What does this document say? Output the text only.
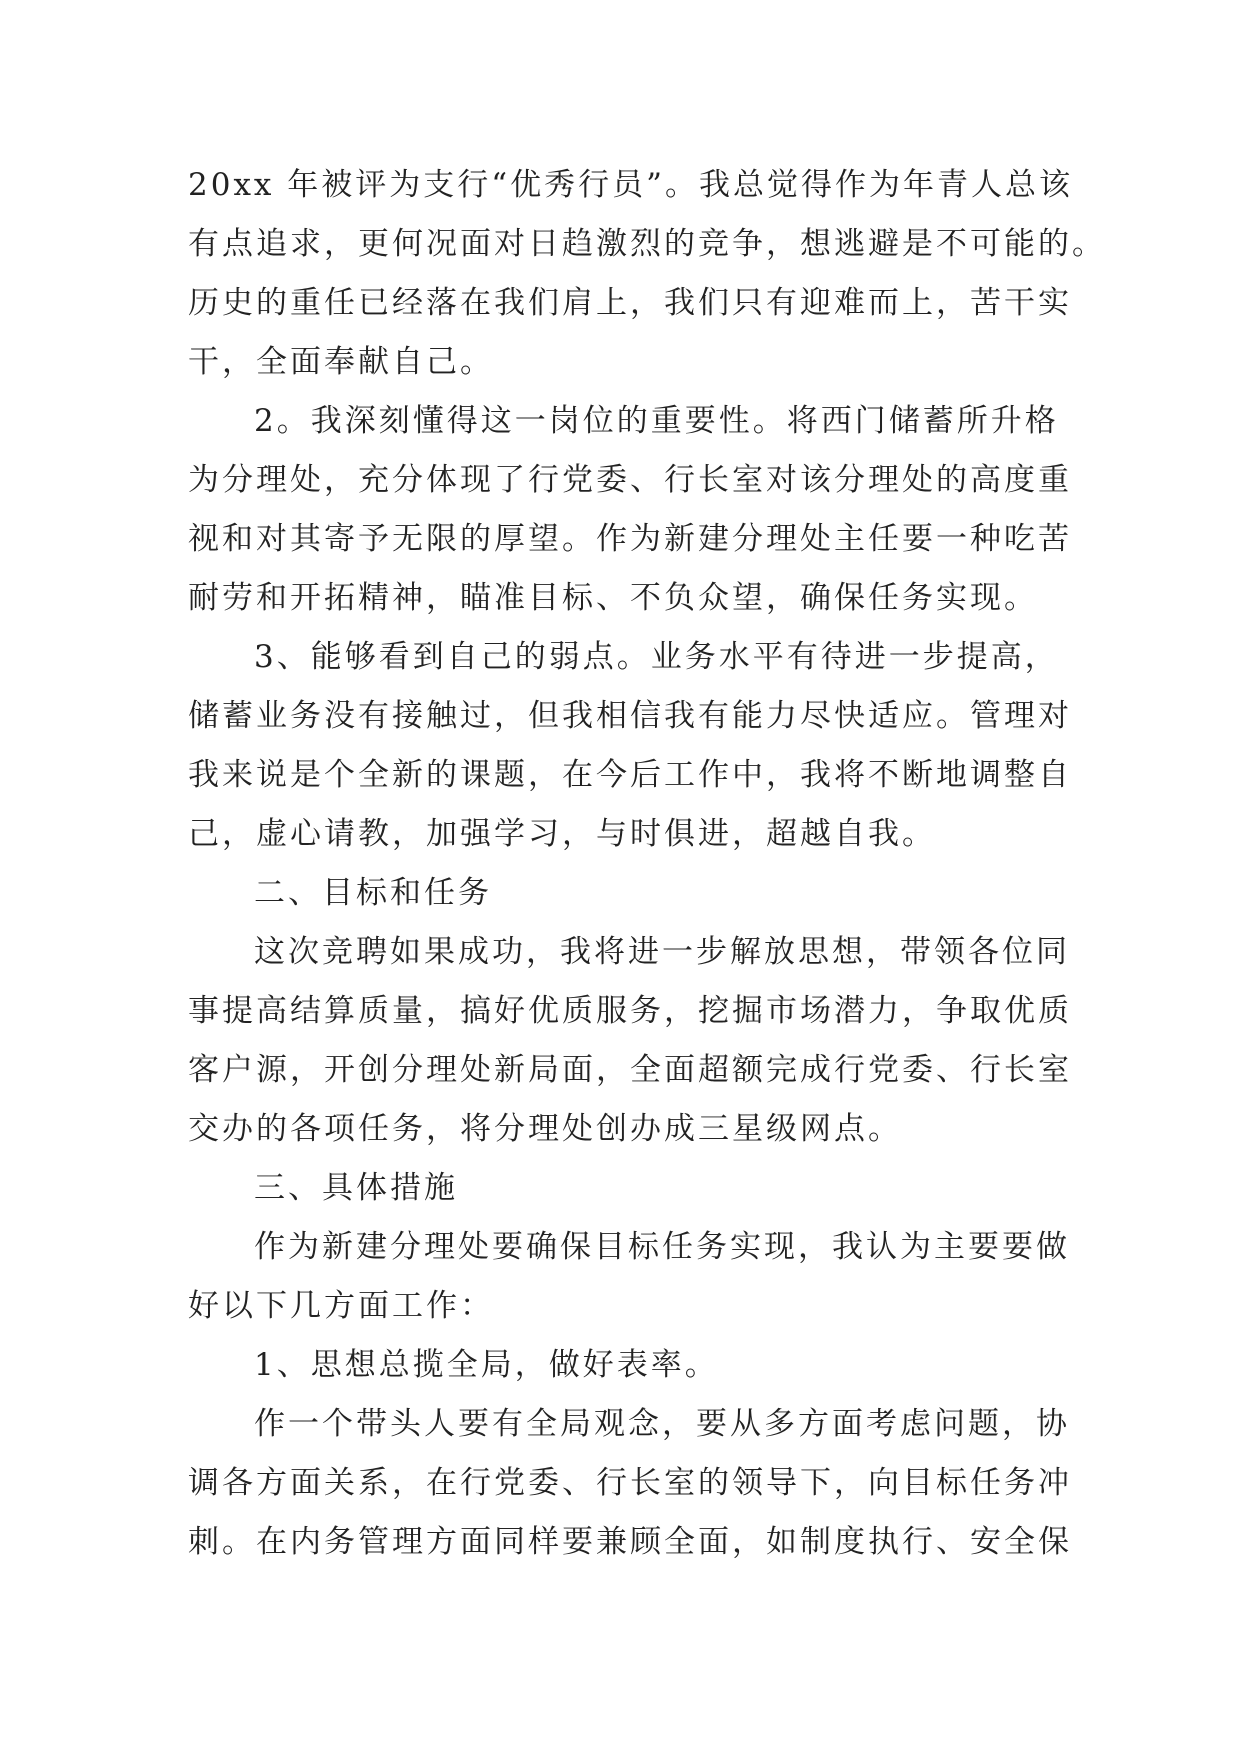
20xx 年被评为支行“优秀行员”。我总觉得作为年青人总该
有点追求，更何况面对日趋激烈的竞争，想逃避是不可能的。
历史的重任已经落在我们肩上，我们只有迎难而上，苦干实
干，全面奉献自己。
2。我深刻懂得这一岗位的重要性。将西门储蓄所升格
为分理处，充分体现了行党委、行长室对该分理处的高度重
视和对其寄予无限的厚望。作为新建分理处主任要一种吃苦
耐劳和开拓精神，瞄准目标、不负众望，确保任务实现。
3、能够看到自己的弱点。业务水平有待进一步提高，
储蓄业务没有接触过，但我相信我有能力尽快适应。管理对
我来说是个全新的课题，在今后工作中，我将不断地调整自
己，虚心请教，加强学习，与时俱进，超越自我。
二、目标和任务
这次竞聘如果成功，我将进一步解放思想，带领各位同
事提高结算质量，搞好优质服务，挖掘市场潜力，争取优质
客户源，开创分理处新局面，全面超额完成行党委、行长室
交办的各项任务，将分理处创办成三星级网点。
三、具体措施
作为新建分理处要确保目标任务实现，我认为主要要做
好以下几方面工作：
1、思想总揽全局，做好表率。
作一个带头人要有全局观念，要从多方面考虑问题，协
调各方面关系，在行党委、行长室的领导下，向目标任务冲
刺。在内务管理方面同样要兼顾全面，如制度执行、安全保
